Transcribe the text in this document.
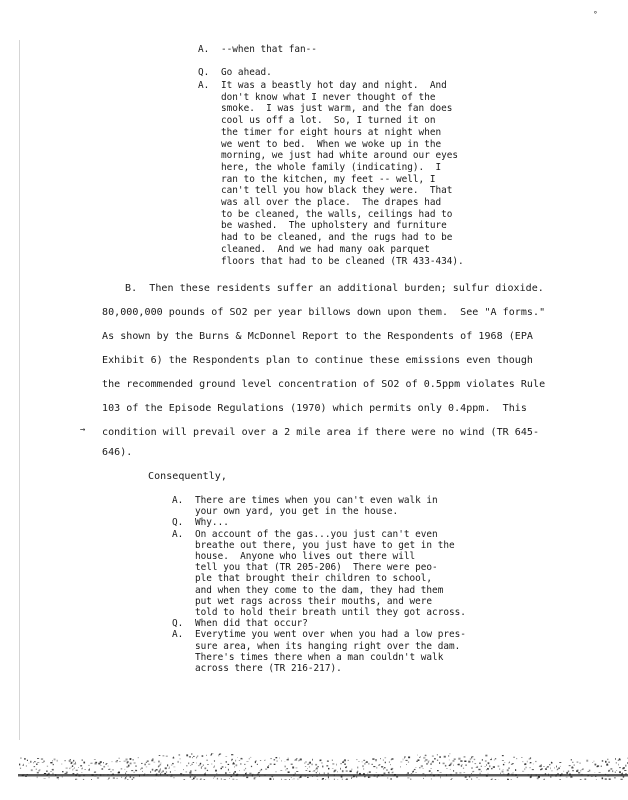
°
A. --when that fan--
Q. Go ahead.
A. It was a beastly hot day and night.  And
don't know what I never thought of the
smoke.  I was just warm, and the fan does
cool us off a lot.  So, I turned it on
the timer for eight hours at night when
we went to bed.  When we woke up in the
morning, we just had white around our eyes
here, the whole family (indicating).  I
ran to the kitchen, my feet -- well, I
can't tell you how black they were.  That
was all over the place.  The drapes had
to be cleaned, the walls, ceilings had to
be washed.  The upholstery and furniture
had to be cleaned, and the rugs had to be
cleaned.  And we had many oak parquet
floors that had to be cleaned (TR 433-434).
B.  Then these residents suffer an additional burden; sulfur dioxide.
80,000,000 pounds of SO2 per year billows down upon them.  See "A forms."
As shown by the Burns & McDonnel Report to the Respondents of 1968 (EPA
Exhibit 6) the Respondents plan to continue these emissions even though
the recommended ground level concentration of SO2 of 0.5ppm violates Rule
103 of the Episode Regulations (1970) which permits only 0.4ppm.  This
condition will prevail over a 2 mile area if there were no wind (TR 645-
646).
→
Consequently,
A. There are times when you can't even walk in
your own yard, you get in the house.
Q. Why...
A. On account of the gas...you just can't even
breathe out there, you just have to get in the
house.  Anyone who lives out there will
tell you that (TR 205-206)  There were peo-
ple that brought their children to school,
and when they come to the dam, they had them
put wet rags across their mouths, and were
told to hold their breath until they got across.
Q. When did that occur?
A. Everytime you went over when you had a low pres-
sure area, when its hanging right over the dam.
There's times there when a man couldn't walk
across there (TR 216-217).
